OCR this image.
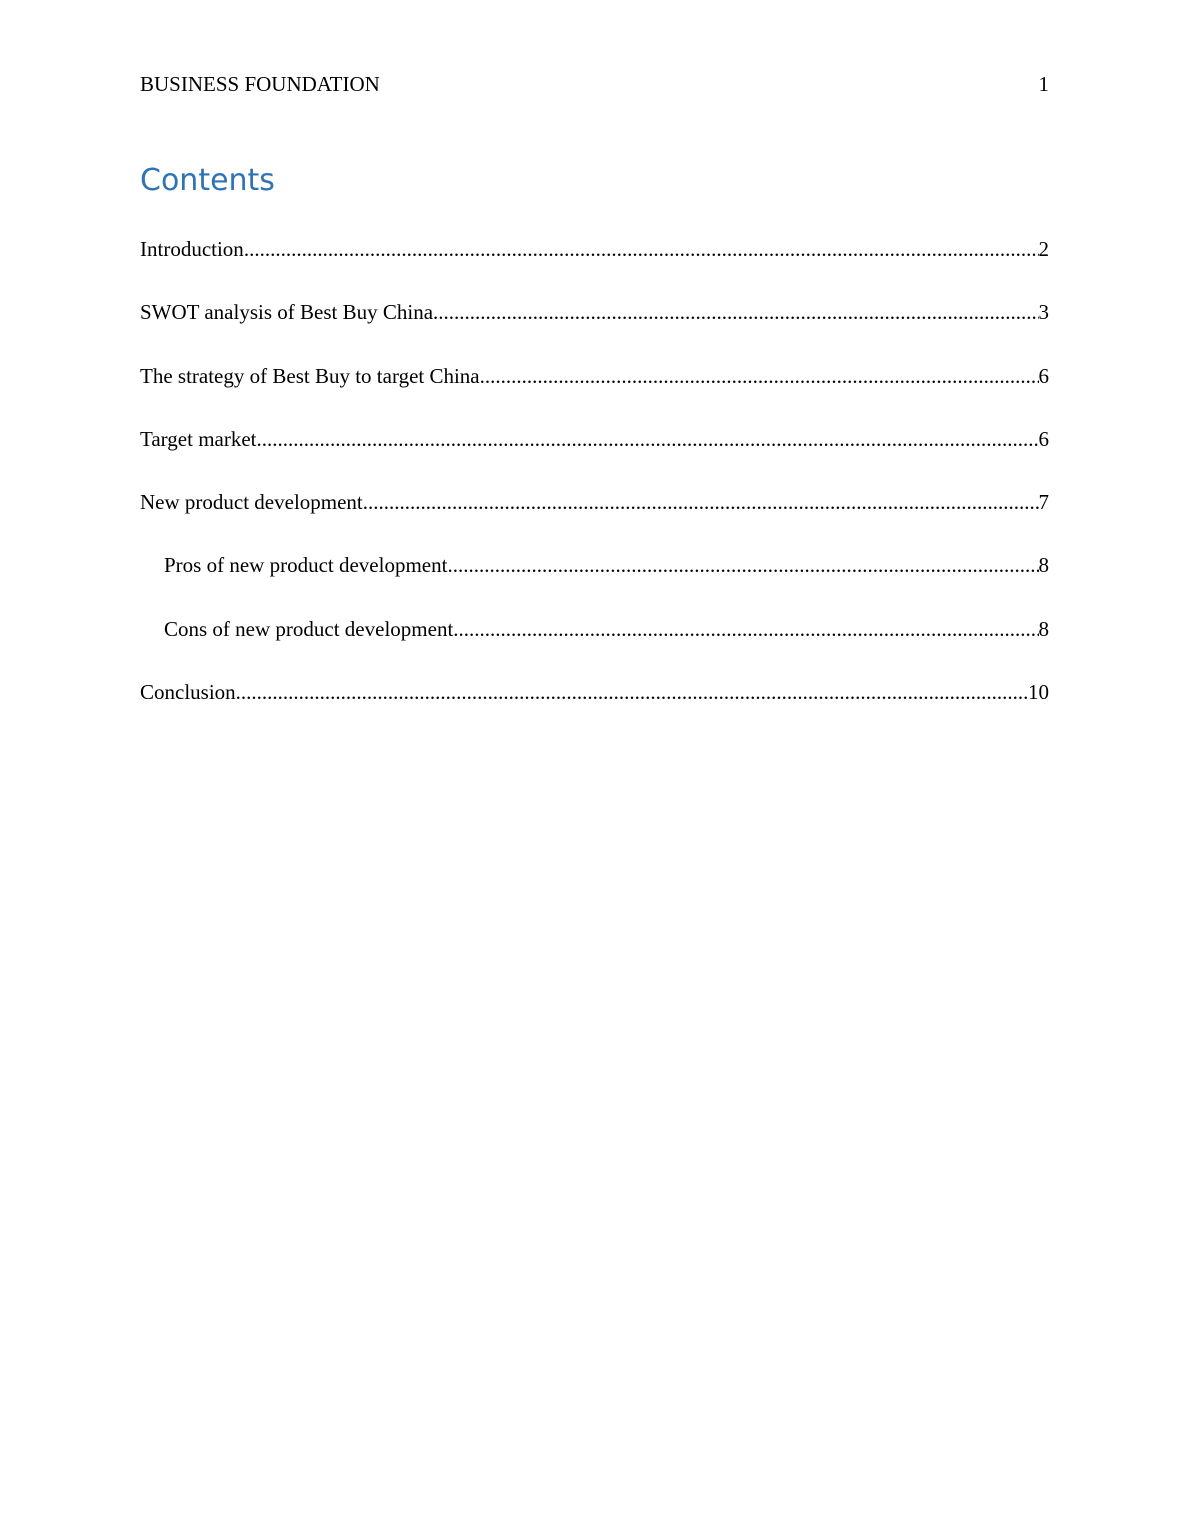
BUSINESS FOUNDATION	1
Contents
Introduction .....	2
SWOT analysis of Best Buy China .....	3
The strategy of Best Buy to target China .....	6
Target market .....	6
New product development .....	7
Pros of new product development .....	8
Cons of new product development .....	8
Conclusion .....	10
